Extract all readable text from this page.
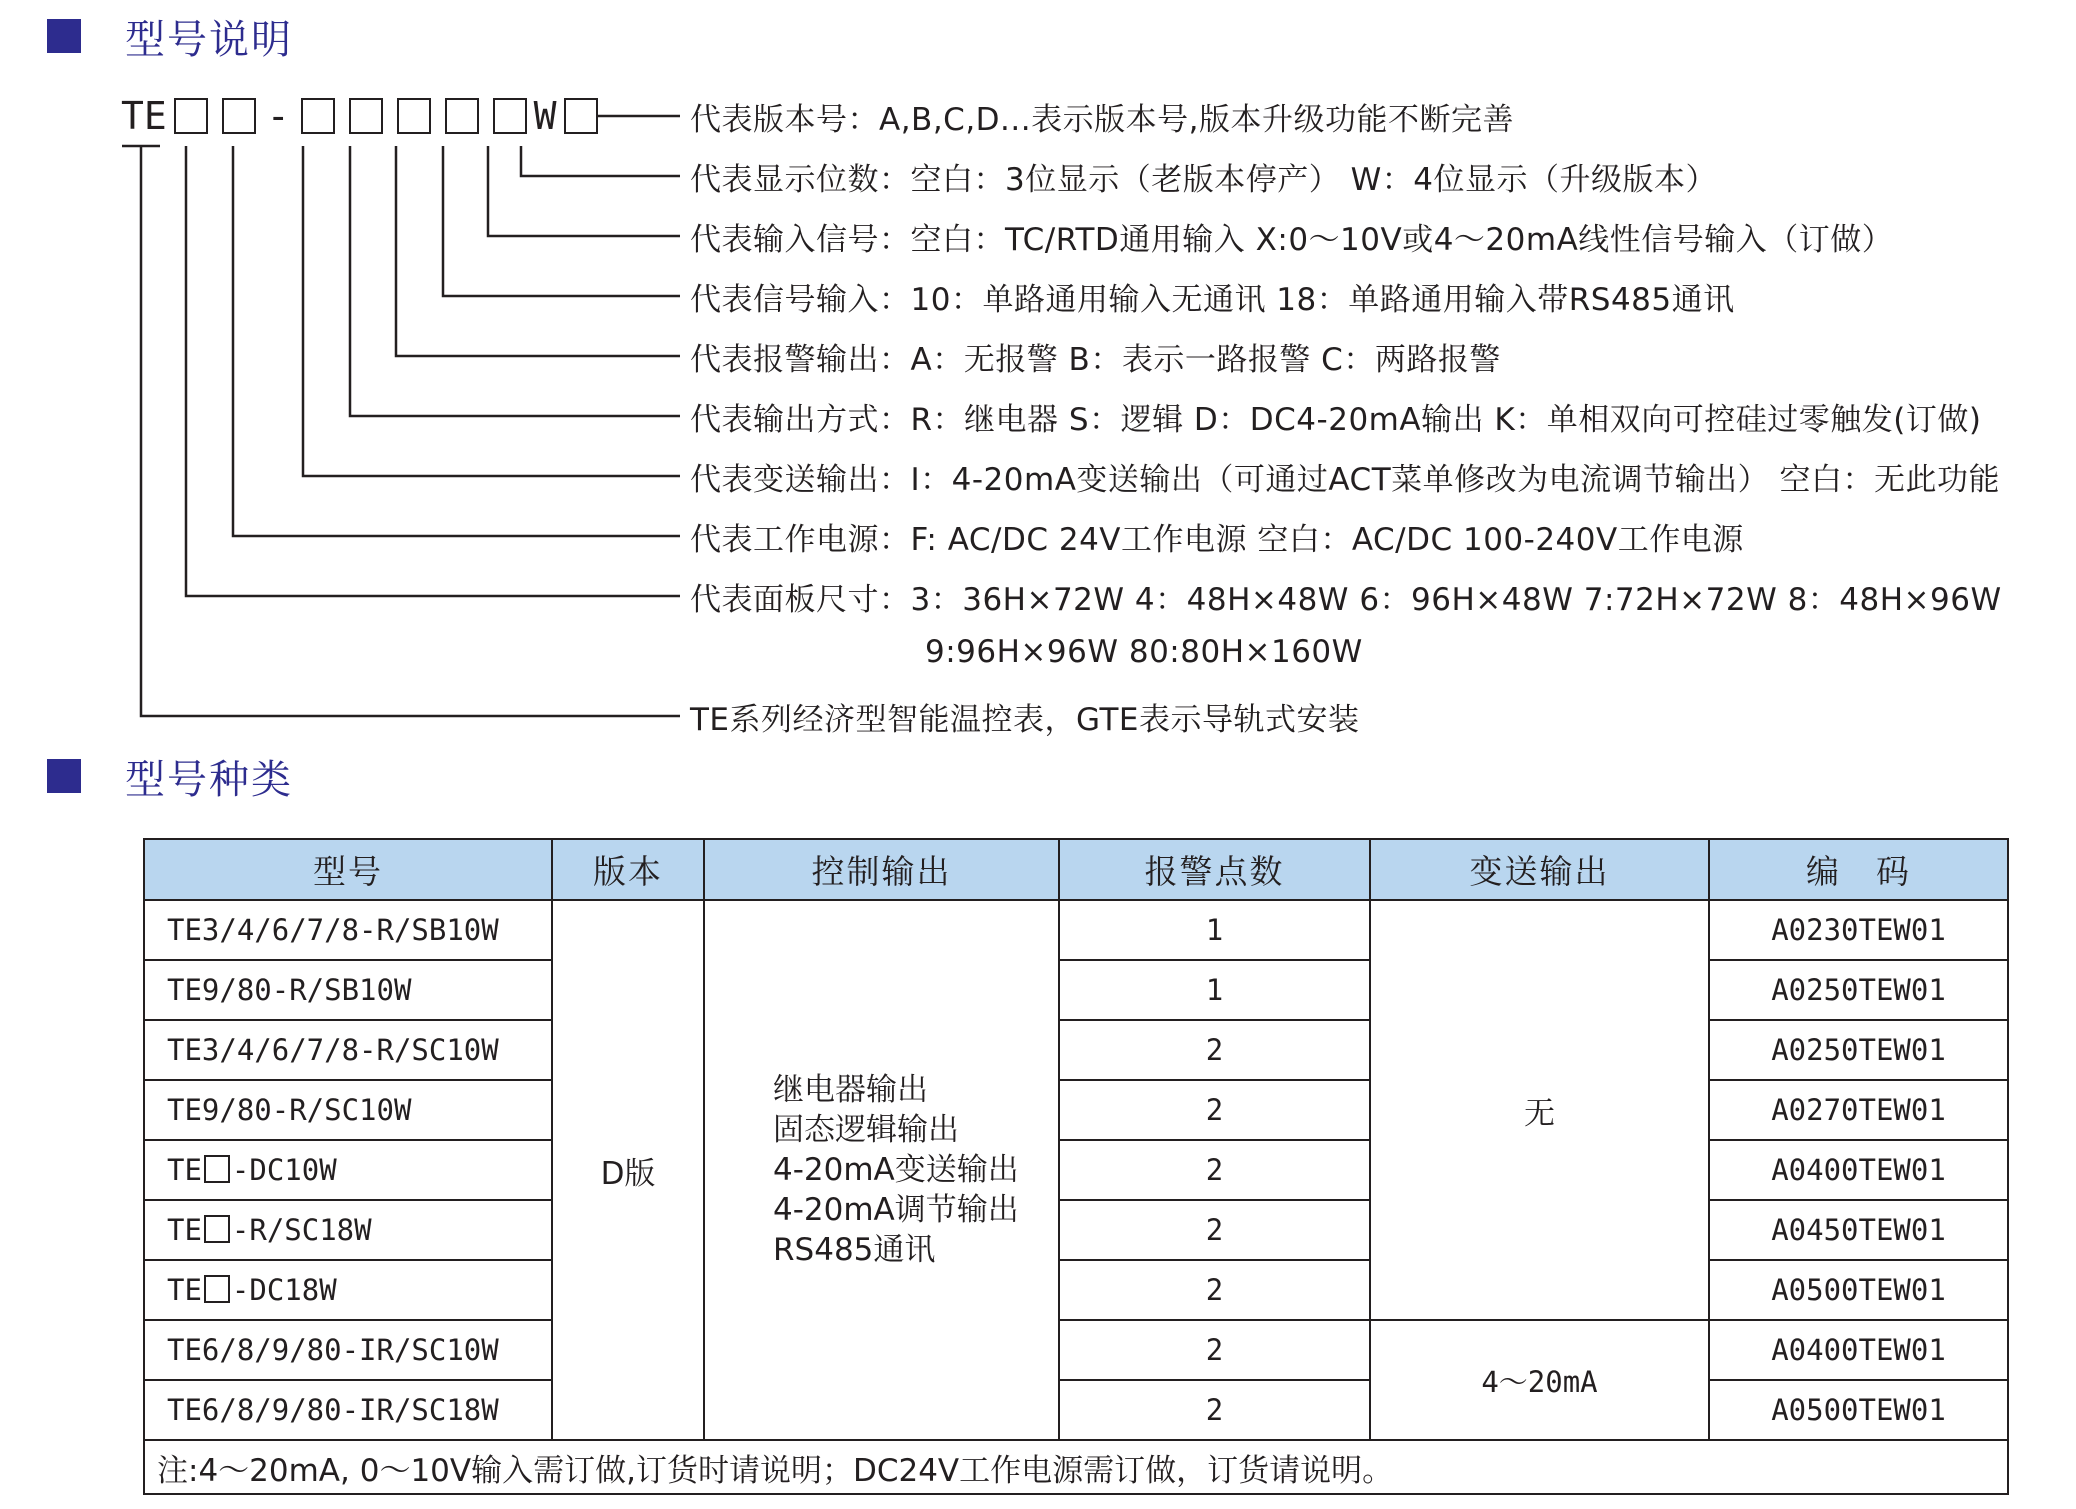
型号说明
TE	-	W	代表版本号：A,B,C,D...表示版本号,版本升级功能不断完善
代表显示位数：空白：3位显示（老版本停产） W：4位显示（升级版本）
代表输入信号：空白：TC/RTD通用输入 X:0～10V或4～20mA线性信号输入（订做）
代表信号输入：10：单路通用输入无通讯 18：单路通用输入带RS485通讯
代表报警输出：A：无报警 B：表示一路报警 C：两路报警
代表输出方式：R：继电器 S：逻辑 D：DC4-20mA输出 K：单相双向可控硅过零触发(订做)
代表变送输出：I：4-20mA变送输出（可通过ACT菜单修改为电流调节输出） 空白：无此功能
代表工作电源：F: AC/DC 24V工作电源 空白：AC/DC 100-240V工作电源
代表面板尺寸：3：36H×72W 4：48H×48W 6：96H×48W 7:72H×72W 8：48H×96W
9:96H×96W 80:80H×160W
TE系列经济型智能温控表，GTE表示导轨式安装
型号种类
型号	版本	控制输出	报警点数	变送输出	编　码
TE3/4/6/7/8-R/SB10W	D版	继电器输出
固态逻辑输出
4-20mA变送输出
4-20mA调节输出
RS485通讯	1	无	A0230TEW01
TE9/80-R/SB10W			1		A0250TEW01
TE3/4/6/7/8-R/SC10W			2		A0250TEW01
TE9/80-R/SC10W			2		A0270TEW01
TE -DC10W			2		A0400TEW01
TE -R/SC18W			2		A0450TEW01
TE -DC18W			2		A0500TEW01
TE6/8/9/80-IR/SC10W			2	4～20mA	A0400TEW01
TE6/8/9/80-IR/SC18W			2		A0500TEW01
注:4～20mA, 0～10V输入需订做,订货时请说明；DC24V工作电源需订做，订货请说明。					
